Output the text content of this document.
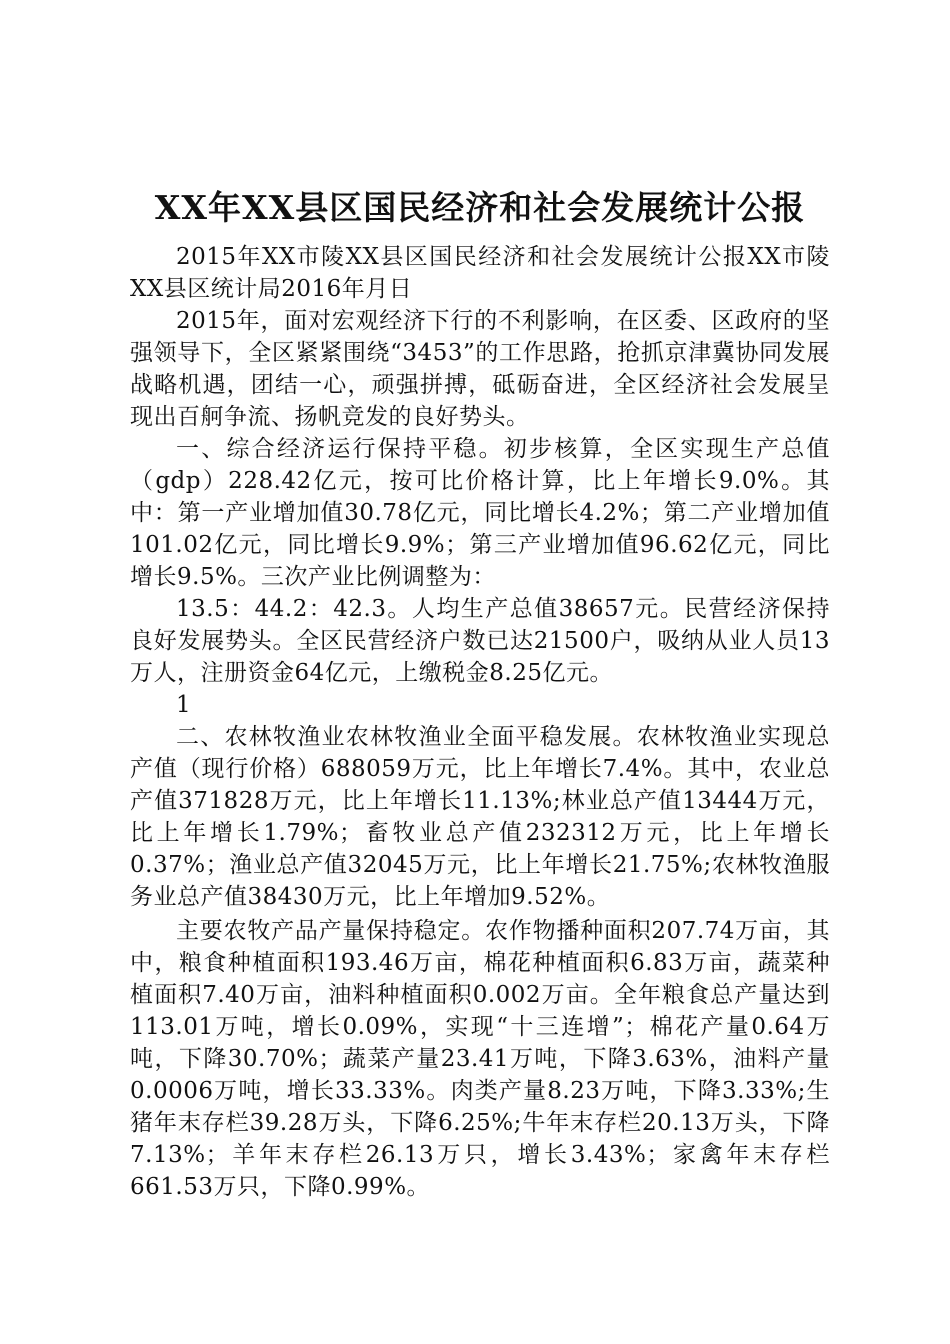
XX年XX县区国民经济和社会发展统计公报

2015年XX市陵XX县区国民经济和社会发展统计公报XX市陵XX县区统计局2016年月日

2015年，面对宏观经济下行的不利影响，在区委、区政府的坚强领导下，全区紧紧围绕“3453”的工作思路，抢抓京津冀协同发展战略机遇，团结一心，顽强拼搏，砥砺奋进，全区经济社会发展呈现出百舸争流、扬帆竞发的良好势头。

一、综合经济运行保持平稳。初步核算，全区实现生产总值（gdp）228.42亿元，按可比价格计算，比上年增长9.0%。其中：第一产业增加值30.78亿元，同比增长4.2%；第二产业增加值101.02亿元，同比增长9.9%；第三产业增加值96.62亿元，同比增长9.5%。三次产业比例调整为：

13.5：44.2：42.3。人均生产总值38657元。民营经济保持良好发展势头。全区民营经济户数已达21500户，吸纳从业人员13万人，注册资金64亿元，上缴税金8.25亿元。

1

二、农林牧渔业农林牧渔业全面平稳发展。农林牧渔业实现总产值（现行价格）688059万元，比上年增长7.4%。其中，农业总产值371828万元，比上年增长11.13%;林业总产值13444万元，比上年增长1.79%；畜牧业总产值232312万元，比上年增长0.37%；渔业总产值32045万元，比上年增长21.75%;农林牧渔服务业总产值38430万元，比上年增加9.52%。

主要农牧产品产量保持稳定。农作物播种面积207.74万亩，其中，粮食种植面积193.46万亩，棉花种植面积6.83万亩，蔬菜种植面积7.40万亩，油料种植面积0.002万亩。全年粮食总产量达到113.01万吨，增长0.09%，实现“十三连增”；棉花产量0.64万吨，下降30.70%；蔬菜产量23.41万吨，下降3.63%，油料产量0.0006万吨，增长33.33%。肉类产量8.23万吨，下降3.33%;生猪年末存栏39.28万头，下降6.25%;牛年末存栏20.13万头，下降7.13%；羊年末存栏26.13万只，增长3.43%；家禽年末存栏661.53万只，下降0.99%。
